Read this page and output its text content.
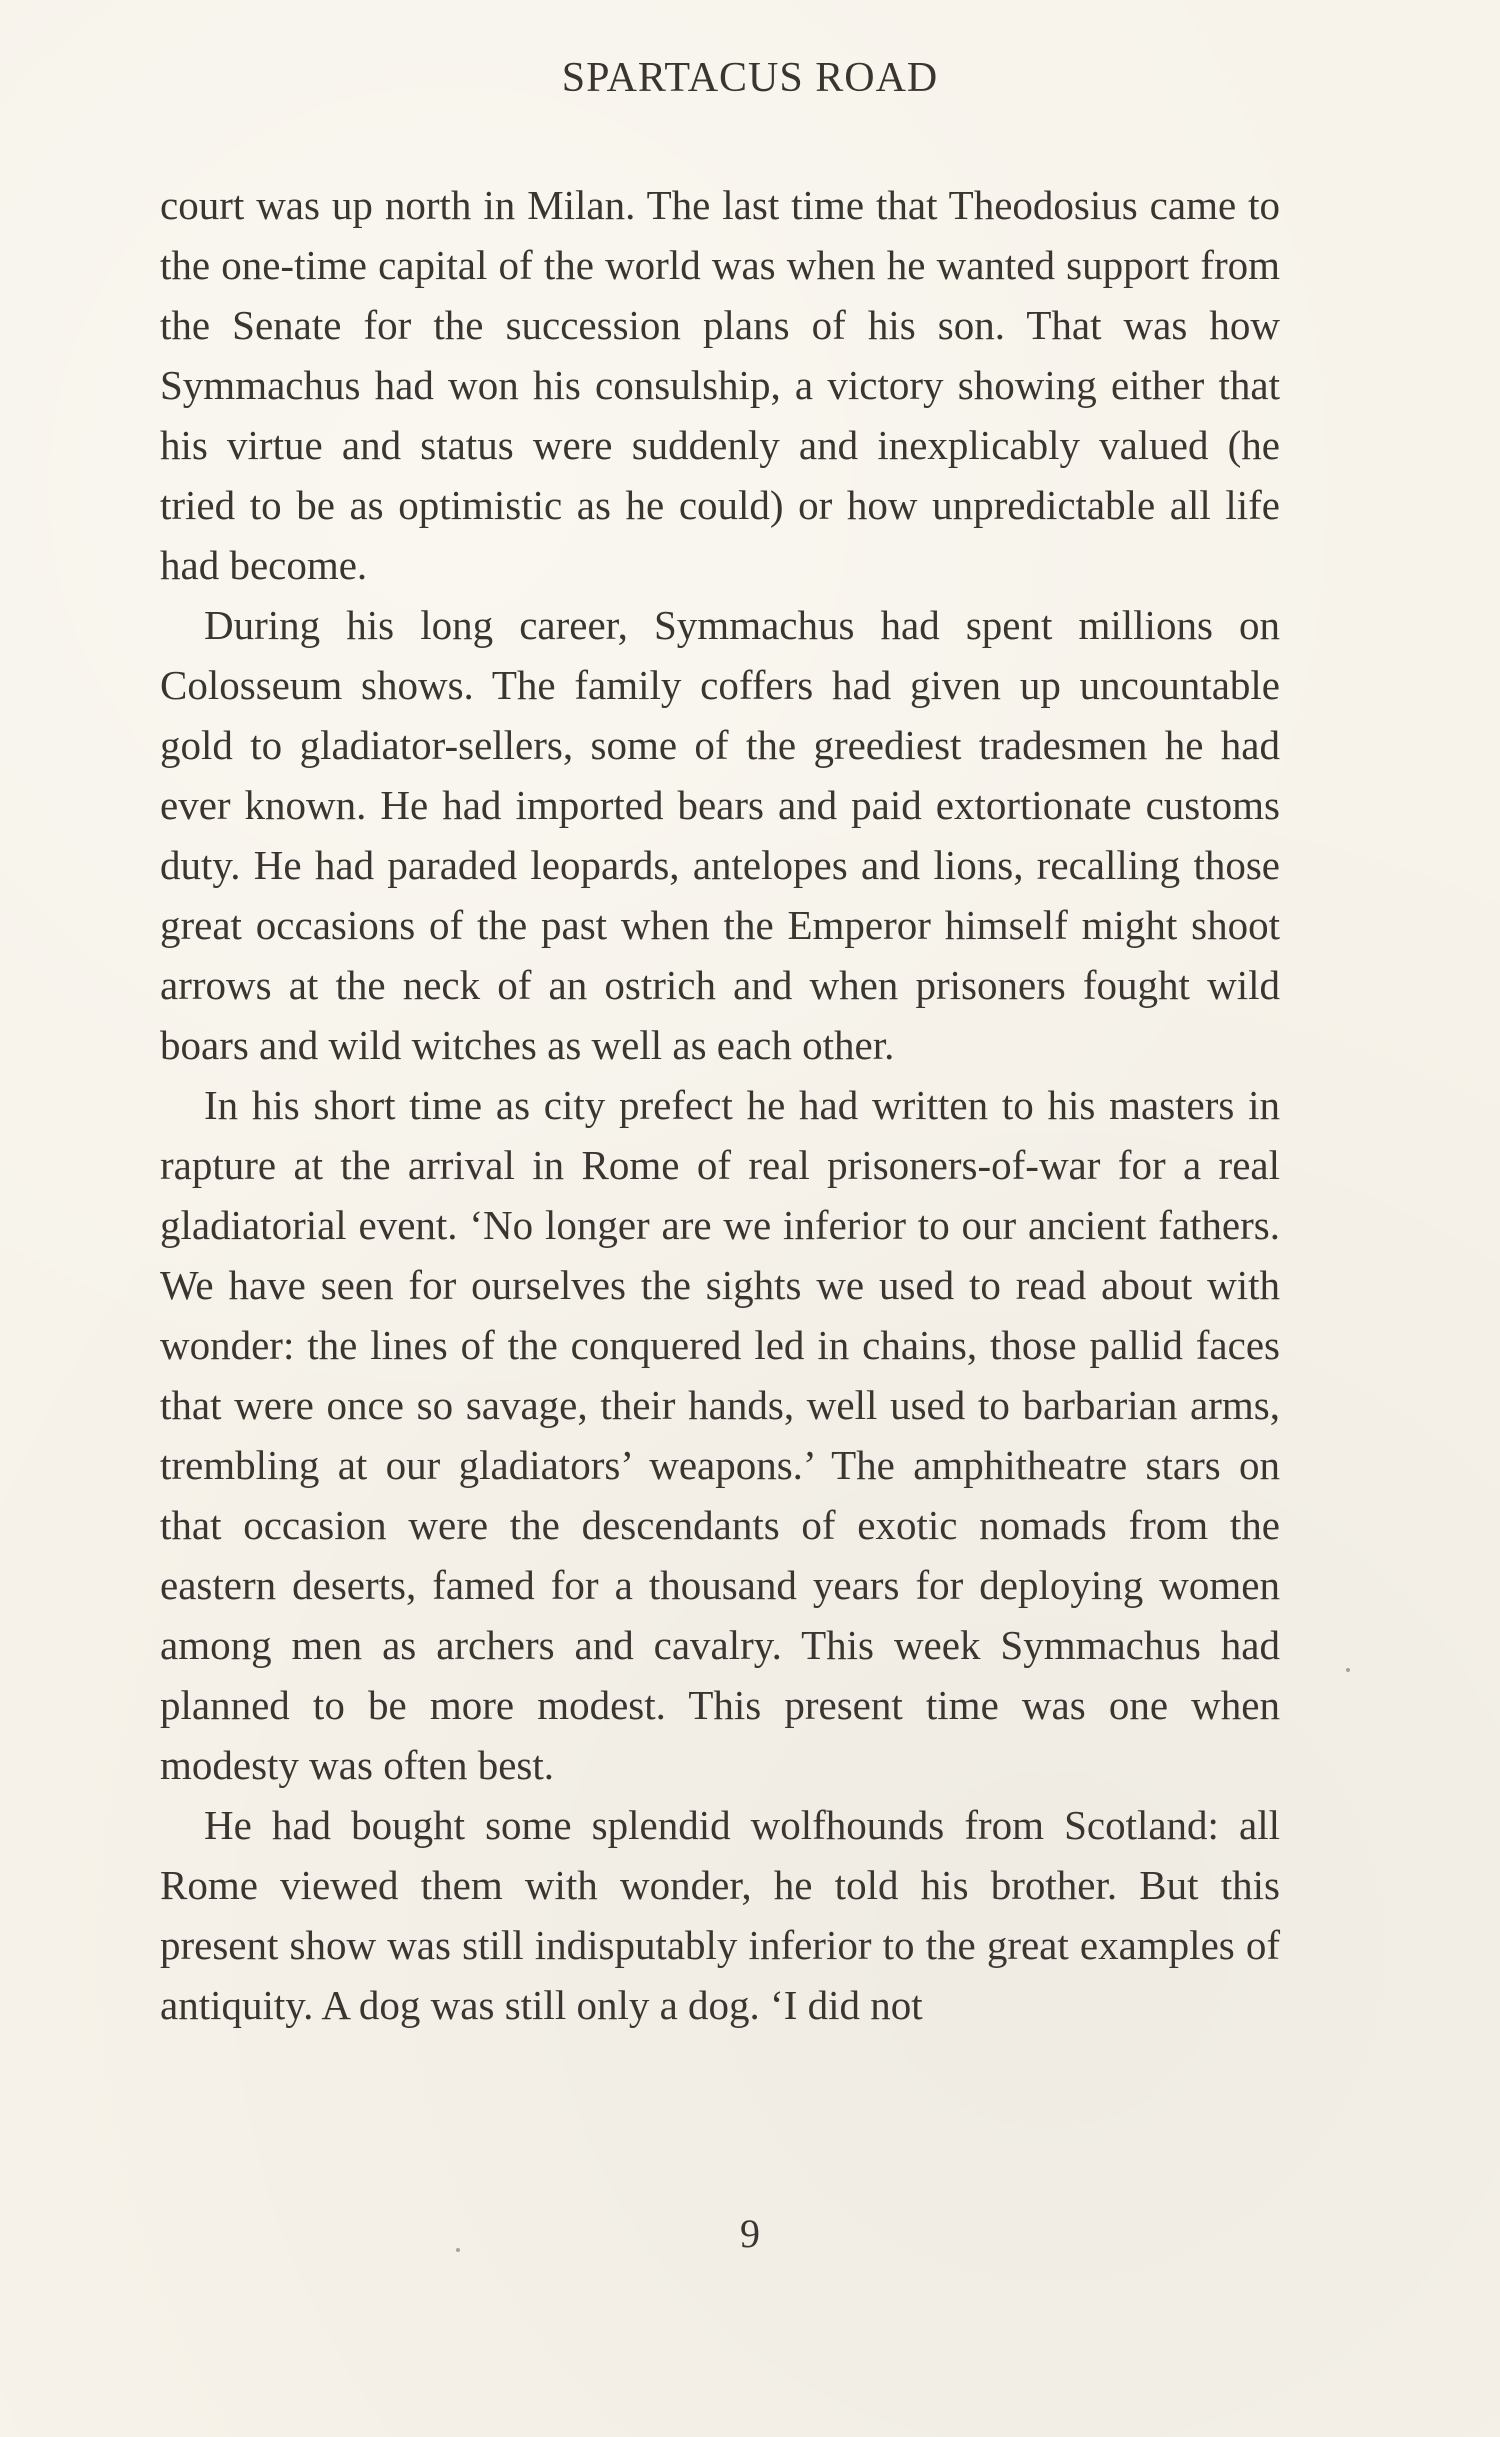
SPARTACUS ROAD

court was up north in Milan. The last time that Theodosius came to the one-time capital of the world was when he wanted support from the Senate for the succession plans of his son. That was how Symmachus had won his consulship, a victory showing either that his virtue and status were suddenly and inexplicably valued (he tried to be as optimistic as he could) or how unpredictable all life had become.

During his long career, Symmachus had spent millions on Colosseum shows. The family coffers had given up uncountable gold to gladiator-sellers, some of the greediest tradesmen he had ever known. He had imported bears and paid extortionate customs duty. He had paraded leopards, antelopes and lions, recalling those great occasions of the past when the Emperor himself might shoot arrows at the neck of an ostrich and when prisoners fought wild boars and wild witches as well as each other.

In his short time as city prefect he had written to his masters in rapture at the arrival in Rome of real prisoners-of-war for a real gladiatorial event. ‘No longer are we inferior to our ancient fathers. We have seen for ourselves the sights we used to read about with wonder: the lines of the conquered led in chains, those pallid faces that were once so savage, their hands, well used to barbarian arms, trembling at our gladiators’ weapons.’ The amphitheatre stars on that occasion were the descendants of exotic nomads from the eastern deserts, famed for a thousand years for deploying women among men as archers and cavalry. This week Symmachus had planned to be more modest. This present time was one when modesty was often best.

He had bought some splendid wolfhounds from Scotland: all Rome viewed them with wonder, he told his brother. But this present show was still indisputably inferior to the great examples of antiquity. A dog was still only a dog. ‘I did not

9
